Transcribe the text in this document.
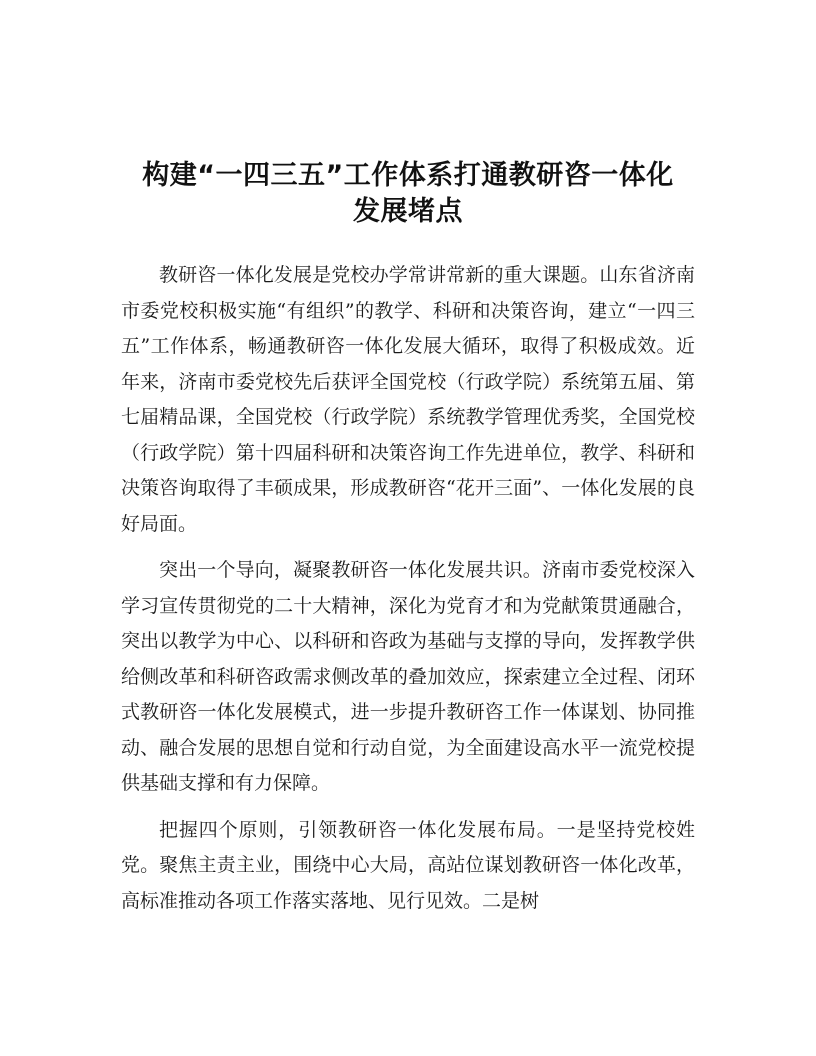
构建“一四三五”工作体系打通教研咨一体化
发展堵点

教研咨一体化发展是党校办学常讲常新的重大课题。山东省济南市委党校积极实施“有组织”的教学、科研和决策咨询，建立“一四三五”工作体系，畅通教研咨一体化发展大循环，取得了积极成效。近年来，济南市委党校先后获评全国党校（行政学院）系统第五届、第七届精品课，全国党校（行政学院）系统教学管理优秀奖，全国党校（行政学院）第十四届科研和决策咨询工作先进单位，教学、科研和决策咨询取得了丰硕成果，形成教研咨“花开三面”、一体化发展的良好局面。

突出一个导向，凝聚教研咨一体化发展共识。济南市委党校深入学习宣传贯彻党的二十大精神，深化为党育才和为党献策贯通融合，突出以教学为中心、以科研和咨政为基础与支撑的导向，发挥教学供给侧改革和科研咨政需求侧改革的叠加效应，探索建立全过程、闭环式教研咨一体化发展模式，进一步提升教研咨工作一体谋划、协同推动、融合发展的思想自觉和行动自觉，为全面建设高水平一流党校提供基础支撑和有力保障。

把握四个原则，引领教研咨一体化发展布局。一是坚持党校姓党。聚焦主责主业，围绕中心大局，高站位谋划教研咨一体化改革，高标准推动各项工作落实落地、见行见效。二是树
